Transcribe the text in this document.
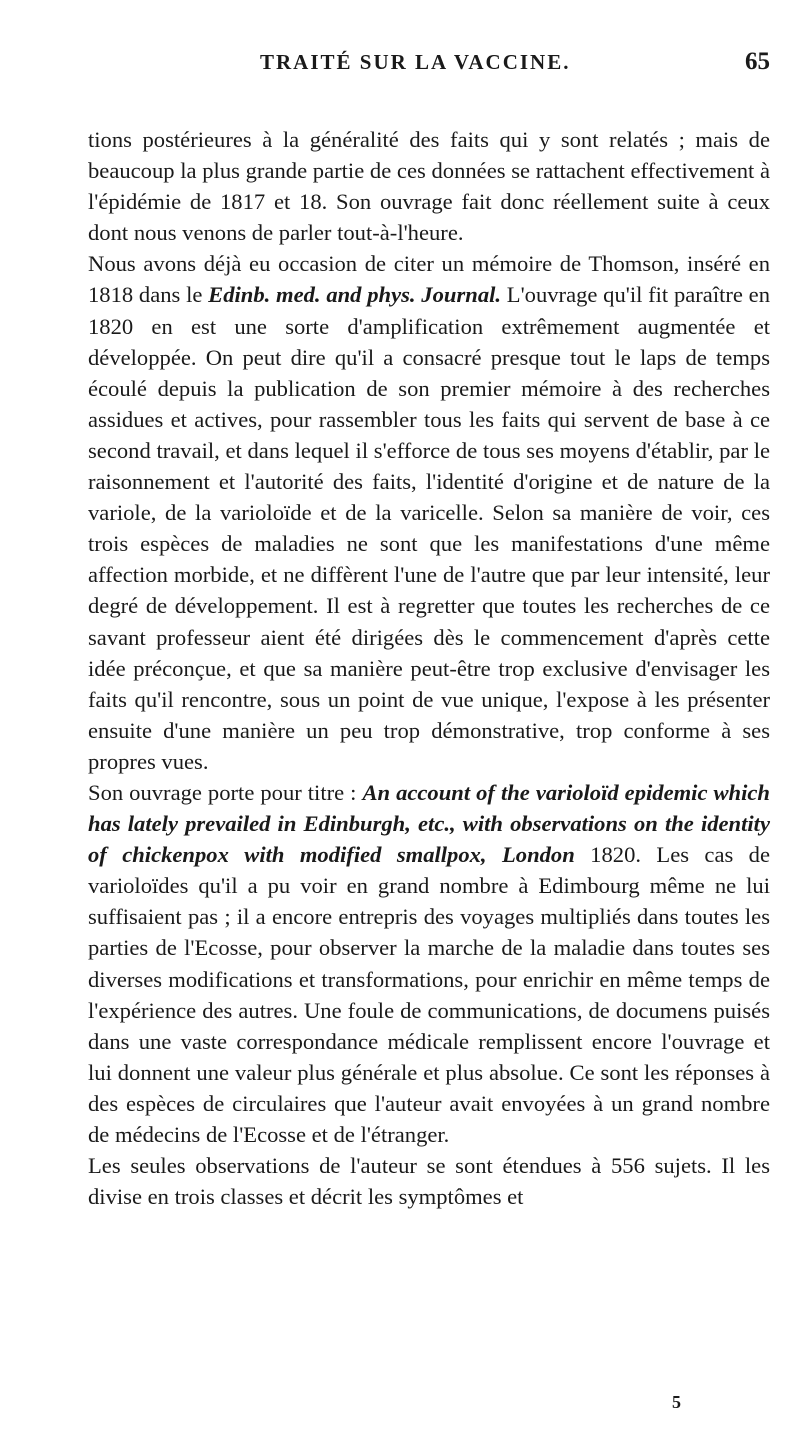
TRAITÉ SUR LA VACCINE.	65

tions postérieures à la généralité des faits qui y sont relatés ; mais de beaucoup la plus grande partie de ces données se rattachent effectivement à l'épidémie de 1817 et 18. Son ouvrage fait donc réellement suite à ceux dont nous venons de parler tout-à-l'heure.

Nous avons déjà eu occasion de citer un mémoire de Thomson, inséré en 1818 dans le Edinb. med. and phys. Journal. L'ouvrage qu'il fit paraître en 1820 en est une sorte d'amplification extrêmement augmentée et développée. On peut dire qu'il a consacré presque tout le laps de temps écoulé depuis la publication de son premier mémoire à des recherches assidues et actives, pour rassembler tous les faits qui servent de base à ce second travail, et dans lequel il s'efforce de tous ses moyens d'établir, par le raisonnement et l'autorité des faits, l'identité d'origine et de nature de la variole, de la varioloïde et de la varicelle. Selon sa manière de voir, ces trois espèces de maladies ne sont que les manifestations d'une même affection morbide, et ne diffèrent l'une de l'autre que par leur intensité, leur degré de développement. Il est à regretter que toutes les recherches de ce savant professeur aient été dirigées dès le commencement d'après cette idée préconçue, et que sa manière peut-être trop exclusive d'envisager les faits qu'il rencontre, sous un point de vue unique, l'expose à les présenter ensuite d'une manière un peu trop démonstrative, trop conforme à ses propres vues.

Son ouvrage porte pour titre : An account of the varioloïd epidemic which has lately prevailed in Edinburgh, etc., with observations on the identity of chickenpox with modified smallpox, London 1820. Les cas de varioloïdes qu'il a pu voir en grand nombre à Edimbourg même ne lui suffisaient pas ; il a encore entrepris des voyages multipliés dans toutes les parties de l'Ecosse, pour observer la marche de la maladie dans toutes ses diverses modifications et transformations, pour enrichir en même temps de l'expérience des autres. Une foule de communications, de documens puisés dans une vaste correspondance médicale remplissent encore l'ouvrage et lui donnent une valeur plus générale et plus absolue. Ce sont les réponses à des espèces de circulaires que l'auteur avait envoyées à un grand nombre de médecins de l'Ecosse et de l'étranger.

Les seules observations de l'auteur se sont étendues à 556 sujets. Il les divise en trois classes et décrit les symptômes et

5
